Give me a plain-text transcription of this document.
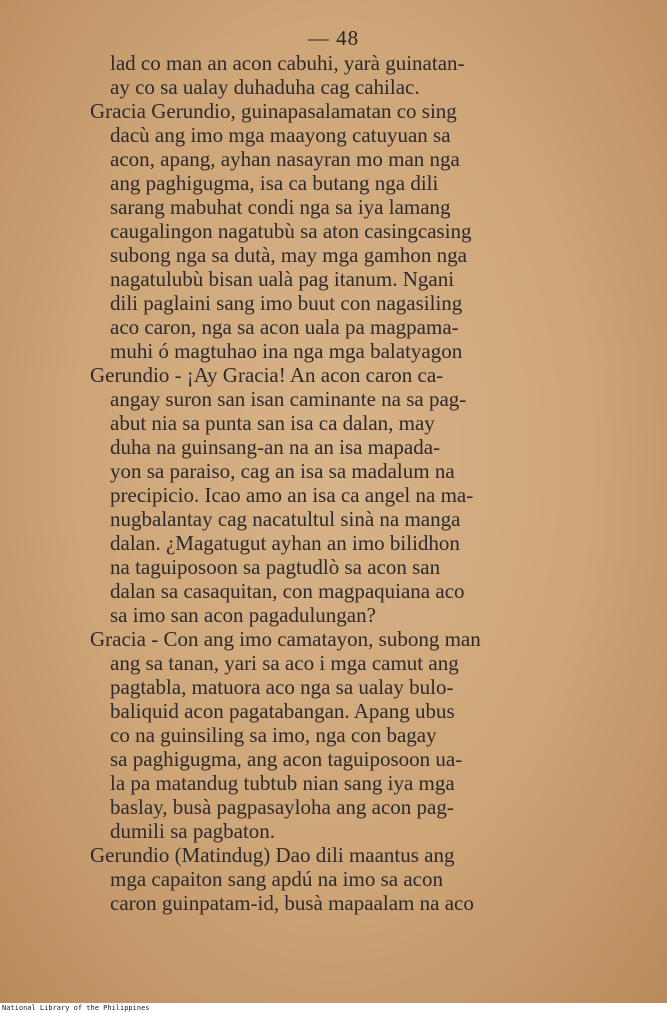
— 48
lad co man an acon cabuhi, yarà guinatan-
ay co sa ualay duhaduha cag cahilac.
Gracia Gerundio, guinapasalamatan co sing
dacù ang imo mga maayong catuyuan sa
acon, apang, ayhan nasayran mo man nga
ang paghigugma, isa ca butang nga dili
sarang mabuhat condi nga sa iya lamang
caugalingon nagatubù sa aton casingcasing
subong nga sa dutà, may mga gamhon nga
nagatulubù bisan ualà pag itanum. Ngani
dili paglaini sang imo buut con nagasiling
aco caron, nga sa acon uala pa magpama-
muhi ó magtuhao ina nga mga balatyagon
Gerundio - ¡Ay Gracia! An acon caron ca-
angay suron san isan caminante na sa pag-
abut nia sa punta san isa ca dalan, may
duha na guinsang-an na an isa mapada-
yon sa paraiso, cag an isa sa madalum na
precipicio. Icao amo an isa ca angel na ma-
nugbalantay cag nacatultul sinà na manga
dalan. ¿Magatugut ayhan an imo bilidhon
na taguiposoon sa pagtudlò sa acon san
dalan sa casaquitan, con magpaquiana aco
sa imo san acon pagadulungan?
Gracia - Con ang imo camatayon, subong man
ang sa tanan, yari sa aco i mga camut ang
pagtabla, matuora aco nga sa ualay bulo-
baliquid acon pagatabangan. Apang ubus
co na guinsiling sa imo, nga con bagay
sa paghigugma, ang acon taguiposoon ua-
la pa matandug tubtub nian sang iya mga
baslay, busà pagpasayloha ang acon pag-
dumili sa pagbaton.
Gerundio (Matindug) Dao dili maantus ang
mga capaiton sang apdú na imo sa acon
caron guinpatam-id, busà mapaalam na aco
National Library of the Philippines
